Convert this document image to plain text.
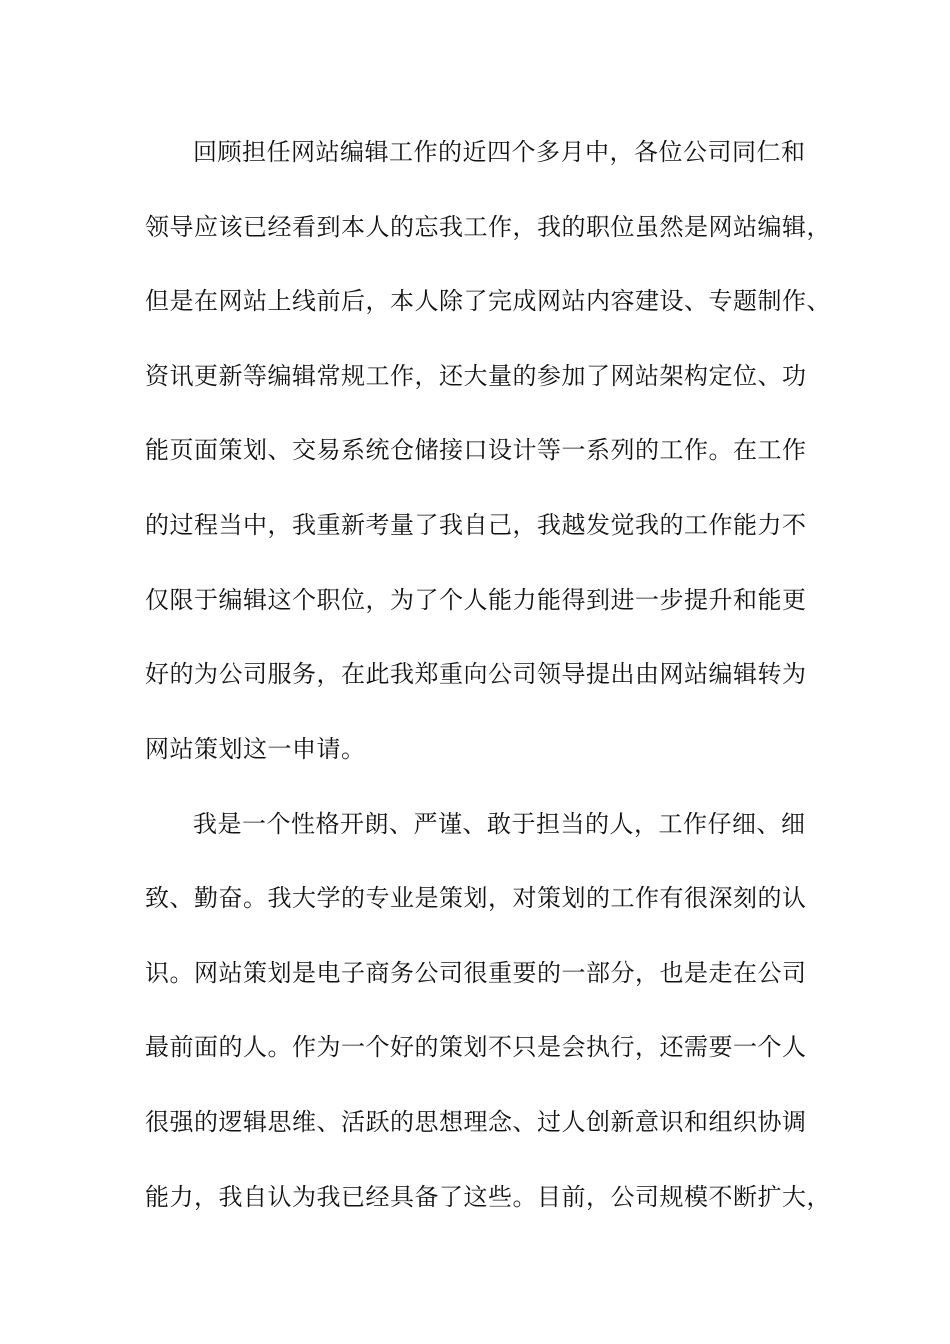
回顾担任网站编辑工作的近四个多月中，各位公司同仁和

领导应该已经看到本人的忘我工作，我的职位虽然是网站编辑，

但是在网站上线前后，本人除了完成网站内容建设、专题制作、

资讯更新等编辑常规工作，还大量的参加了网站架构定位、功

能页面策划、交易系统仓储接口设计等一系列的工作。在工作

的过程当中，我重新考量了我自己，我越发觉我的工作能力不

仅限于编辑这个职位，为了个人能力能得到进一步提升和能更

好的为公司服务，在此我郑重向公司领导提出由网站编辑转为

网站策划这一申请。

我是一个性格开朗、严谨、敢于担当的人，工作仔细、细

致、勤奋。我大学的专业是策划，对策划的工作有很深刻的认

识。网站策划是电子商务公司很重要的一部分，也是走在公司

最前面的人。作为一个好的策划不只是会执行，还需要一个人

很强的逻辑思维、活跃的思想理念、过人创新意识和组织协调

能力，我自认为我已经具备了这些。目前，公司规模不断扩大，
